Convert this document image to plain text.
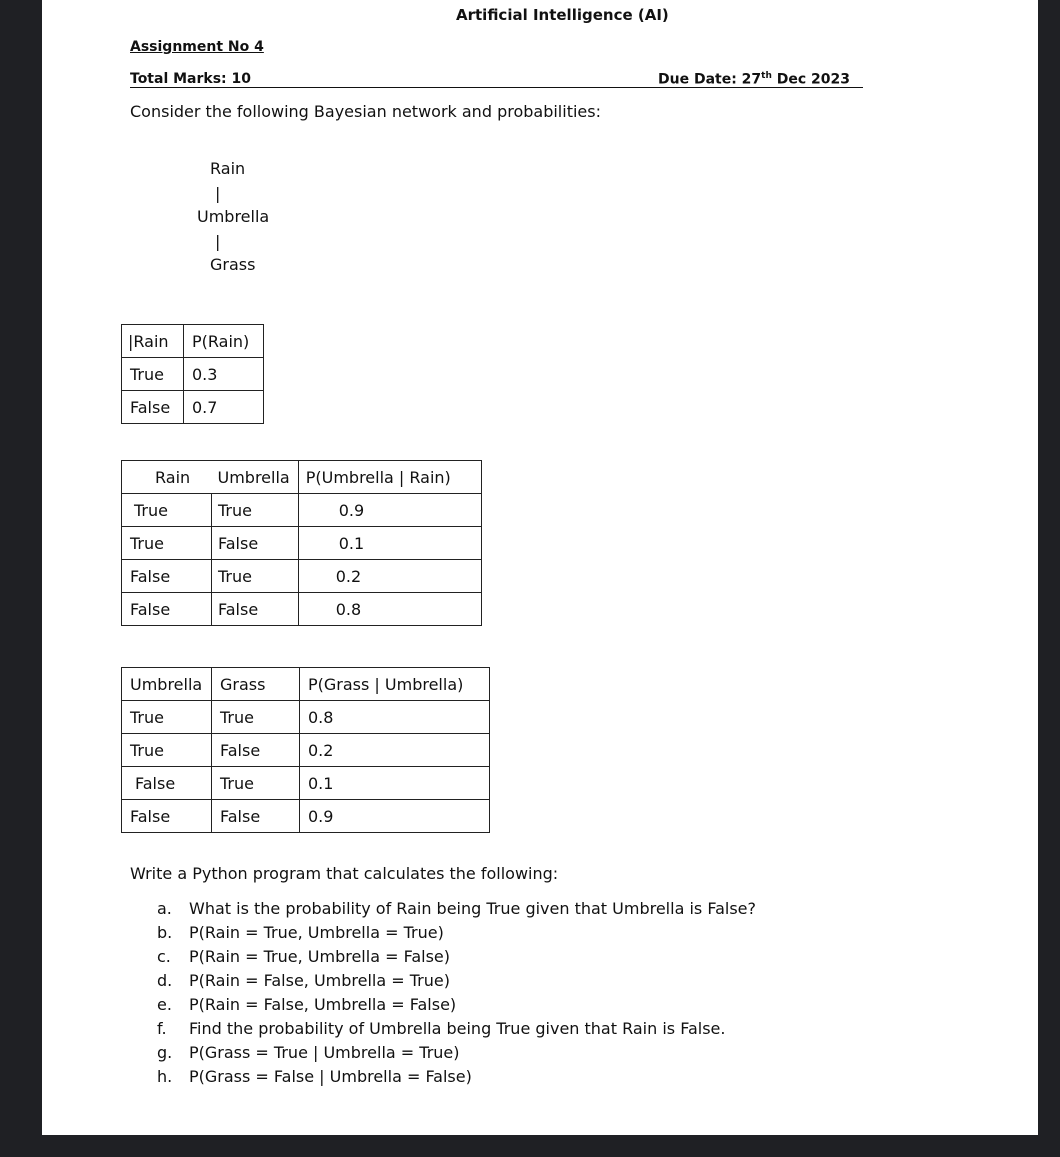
Artificial Intelligence (AI)
Assignment No 4
Total Marks: 10	Due Date: 27th Dec 2023
Consider the following Bayesian network and probabilities:
Rain
|
Umbrella
|
Grass
|Rain	P(Rain)
True	0.3
False	0.7
Rain	Umbrella	P(Umbrella | Rain)
True	True	0.9
True	False	0.1
False	True	0.2
False	False	0.8
Umbrella	Grass	P(Grass | Umbrella)
True	True	0.8
True	False	0.2
False	True	0.1
False	False	0.9
Write a Python program that calculates the following:
a. What is the probability of Rain being True given that Umbrella is False?
b. P(Rain = True, Umbrella = True)
c. P(Rain = True, Umbrella = False)
d. P(Rain = False, Umbrella = True)
e. P(Rain = False, Umbrella = False)
f. Find the probability of Umbrella being True given that Rain is False.
g. P(Grass = True | Umbrella = True)
h. P(Grass = False | Umbrella = False)
